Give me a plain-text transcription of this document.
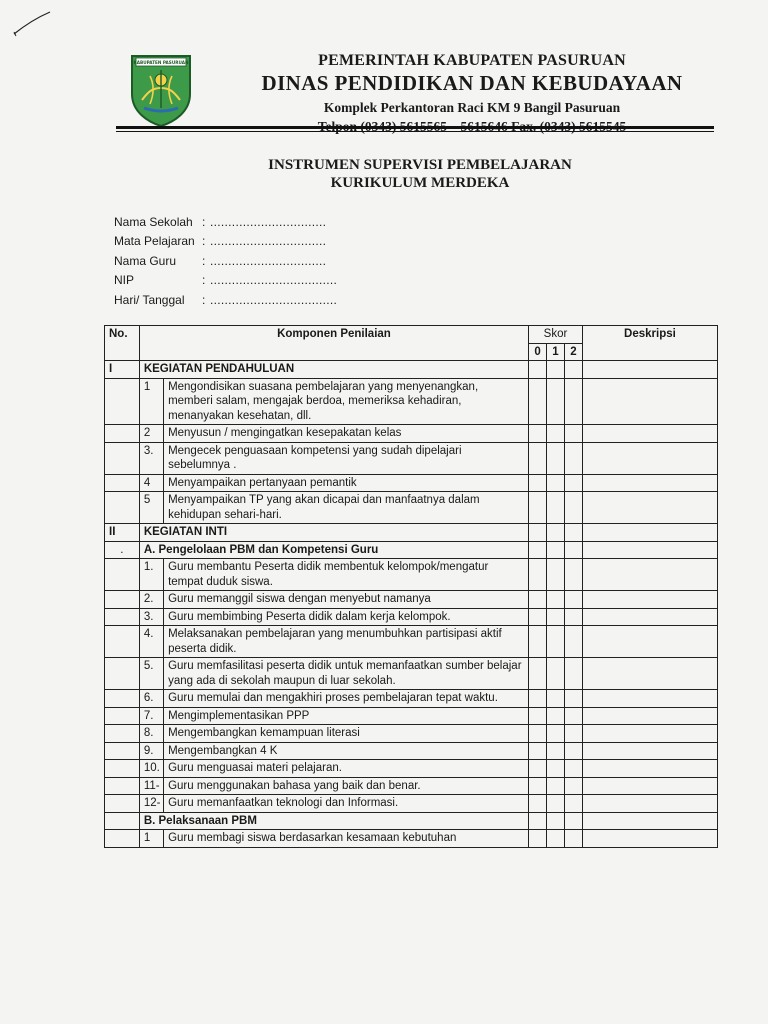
KABUPATEN PASURUAN	PEMERINTAH KABUPATEN PASURUAN
DINAS PENDIDIKAN DAN KEBUDAYAAN
Komplek Perkantoran Raci KM 9 Bangil Pasuruan
INSTRUMEN SUPERVISI PEMBELAJARAN
KURIKULUM MERDEKA
Nama Sekolah : ................................
Mata Pelajaran : ................................
Nama Guru	: ................................
NIP	: ...................................
Hari/ Tanggal	: ...................................
No.	Komponen Penilaian		Skor			Deskripsi
			0	1	2	
I	KEGIATAN PENDAHULUAN					
	1	Mengondisikan suasana pembelajaran yang menyenangkan, memberi salam, mengajak berdoa, memeriksa kehadiran, menanyakan kesehatan, dll.				
	2	Menyusun / mengingatkan kesepakatan kelas				
	3.	Mengecek penguasaan kompetensi yang sudah dipelajari sebelumnya .				
	4	Menyampaikan pertanyaan pemantik				
	5	Menyampaikan TP yang akan dicapai dan manfaatnya dalam kehidupan sehari-hari.				
II	KEGIATAN INTI					
.	A. Pengelolaan PBM dan Kompetensi Guru					
	1.	Guru membantu Peserta didik membentuk kelompok/mengatur tempat duduk siswa.				
	2.	Guru memanggil siswa dengan menyebut namanya				
	3.	Guru membimbing Peserta didik dalam kerja kelompok.				
	4.	Melaksanakan pembelajaran yang menumbuhkan partisipasi aktif peserta didik.				
	5.	Guru memfasilitasi peserta didik untuk memanfaatkan sumber belajar yang ada di sekolah maupun di luar sekolah.				
	6.	Guru memulai dan mengakhiri proses pembelajaran tepat waktu.				
	7.	Mengimplementasikan PPP				
	8.	Mengembangkan kemampuan literasi				
	9.	Mengembangkan 4 K				
	10.	Guru menguasai materi pelajaran.				
	11-	Guru menggunakan bahasa yang baik dan benar.				
	12-	Guru memanfaatkan teknologi dan Informasi.				
	B. Pelaksanaan PBM					
	1	Guru membagi siswa berdasarkan kesamaan kebutuhan				
